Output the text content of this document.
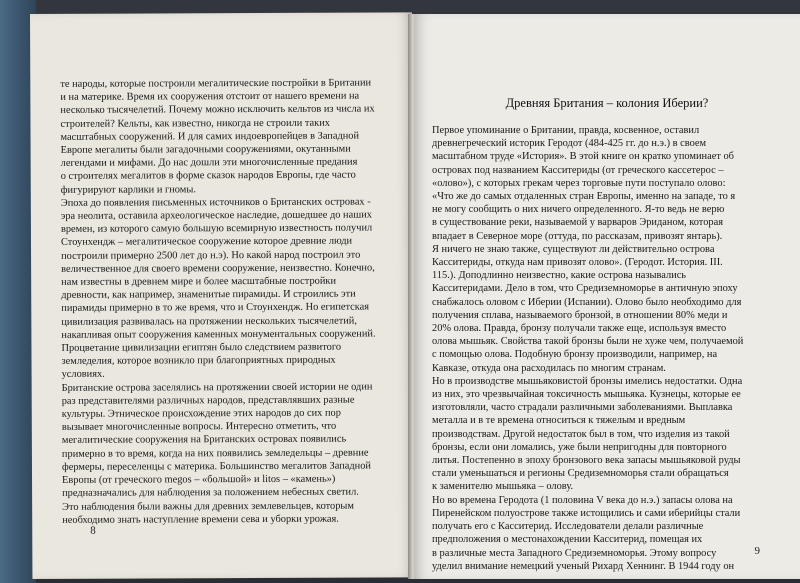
те народы, которые построили мегалитические постройки в Британии
и на материке. Время их сооружения отстоит от нашего времени на
несколько тысячелетий. Почему можно исключить кельтов из числа их
строителей? Кельты, как известно, никогда не строили таких
масштабных сооружений. И для самих индоевропейцев в Западной
Европе мегалиты были загадочными сооружениями, окутанными
легендами и мифами. До нас дошли эти многочисленные предания
о строителях мегалитов в форме сказок народов Европы, где часто
фигурируют карлики и гномы.
Эпоха до появления письменных источников о Британских островах -
эра неолита, оставила археологическое наследие, дошедшее до наших
времен, из которого самую большую всемирную известность получил
Стоунхендж – мегалитическое сооружение которое древние люди
построили примерно 2500 лет до н.э). Но какой народ построил это
величественное для своего времени сооружение, неизвестно. Конечно,
нам известны в древнем мире и более масштабные постройки
древности, как например, знаменитые пирамиды. И строились эти
пирамиды примерно в то же время, что и Стоунхендж. Но египетская
цивилизация развивалась на протяжении нескольких тысячелетий,
накапливая опыт сооружения каменных монументальных сооружений.
Процветание цивилизации египтян было следствием развитого
земледелия, которое возникло при благоприятных природных
условиях.
Британские острова заселялись на протяжении своей истории не один
раз представителями различных народов, представлявших разные
культуры. Этническое происхождение этих народов до сих пор
вызывает многочисленные вопросы. Интересно отметить, что
мегалитические сооружения на Британских островах появились
примерно в то время, когда на них появились земледельцы – древние
фермеры, переселенцы с материка. Большинство мегалитов Западной
Европы (от греческого megos – «большой» и litos – «камень»)
предназначались для наблюдения за положением небесных светил.
Это наблюдения были важны для древних землевельцев, которым
необходимо знать наступление времени сева и уборки урожая.
8
Древняя Британия – колония Иберии?
Первое упоминание о Британии, правда, косвенное, оставил
древнегреческий историк Геродот (484-425 гг. до н.э.) в своем
масштабном труде «История». В этой книге он кратко упоминает об
островах под названием Касситериды (от греческого кассетерос –
«олово»), с которых грекам через торговые пути поступало олово:
«Что же до самых отдаленных стран Европы, именно на западе, то я
не могу сообщить о них ничего определенного. Я-то ведь не верю
в существование реки, называемой у варваров Эриданом, которая
впадает в Северное море (оттуда, по рассказам, привозят янтарь).
Я ничего не знаю также, существуют ли действительно острова
Касситериды, откуда нам привозят олово». (Геродот. История. III.
115.). Доподлинно неизвестно, какие острова назывались
Касситеридами. Дело в том, что Средиземноморье в античную эпоху
снабжалось оловом с Иберии (Испании). Олово было необходимо для
получения сплава, называемого бронзой, в отношении 80% меди и
20% олова. Правда, бронзу получали также еще, используя вместо
олова мышьяк. Свойства такой бронзы были не хуже чем, получаемой
с помощью олова. Подобную бронзу производили, например, на
Кавказе, откуда она расходилась по многим странам.
Но в производстве мышьяковистой бронзы имелись недостатки. Одна
из них, это чрезвычайная токсичность мышьяка. Кузнецы, которые ее
изготовляли, часто страдали различными заболеваниями. Выплавка
металла и в те времена относиться к тяжелым и вредным
производствам. Другой недостаток был в том, что изделия из такой
бронзы, если они ломались, уже были непригодны для повторного
литья. Постепенно в эпоху бронзового века запасы мышьяковой руды
стали уменьшаться и регионы Средиземноморья стали обращаться
к заменителю мышьяка – олову.
Но во времена Геродота (1 половина V века до н.э.) запасы олова на
Пиренейском полуострове также истощились и сами иберийцы стали
получать его с Касситерид. Исследователи делали различные
предположения о местонахождении Касситерид, помещая их
в различные места Западного Средиземноморья. Этому вопросу
уделил внимание немецкий ученый Рихард Хеннинг. В 1944 году он
9
